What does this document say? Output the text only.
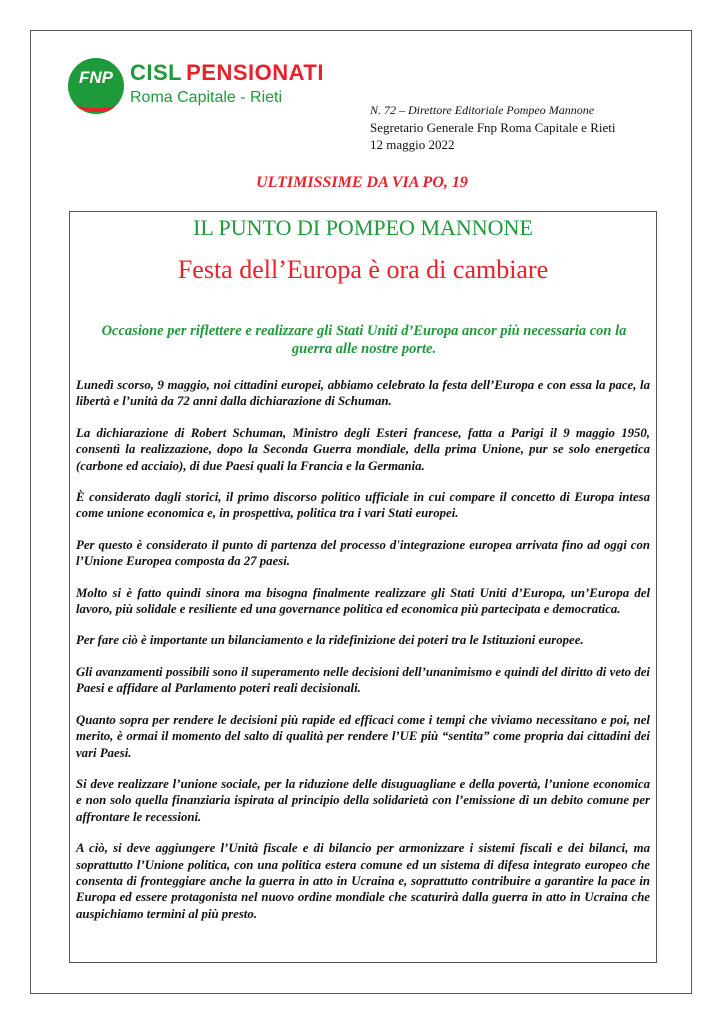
FNP CISL PENSIONATI
Roma Capitale - Rieti
N. 72 – Direttore Editoriale Pompeo Mannone
Segretario Generale Fnp Roma Capitale e Rieti
12 maggio 2022
ULTIMISSIME DA VIA PO, 19
IL PUNTO DI POMPEO MANNONE
Festa dell’Europa è ora di cambiare
Occasione per riflettere e realizzare gli Stati Uniti d’Europa ancor più necessaria con la guerra alle nostre porte.

Lunedì scorso, 9 maggio, noi cittadini europei, abbiamo celebrato la festa dell’Europa e con essa la pace, la libertà e l’unità da 72 anni dalla dichiarazione di Schuman.

La dichiarazione di Robert Schuman, Ministro degli Esteri francese, fatta a Parigi il 9 maggio 1950, consentì la realizzazione, dopo la Seconda Guerra mondiale, della prima Unione, pur se solo energetica (carbone ed acciaio), di due Paesi quali la Francia e la Germania.

È considerato dagli storici, il primo discorso politico ufficiale in cui compare il concetto di Europa intesa come unione economica e, in prospettiva, politica tra i vari Stati europei.

Per questo è considerato il punto di partenza del processo d'integrazione europea arrivata fino ad oggi con l’Unione Europea composta da 27 paesi.

Molto si è fatto quindi sinora ma bisogna finalmente realizzare gli Stati Uniti d’Europa, un’Europa del lavoro, più solidale e resiliente ed una governance politica ed economica più partecipata e democratica.

Per fare ciò è importante un bilanciamento e la ridefinizione dei poteri tra le Istituzioni europee.

Gli avanzamenti possibili sono il superamento nelle decisioni dell’unanimismo e quindi del diritto di veto dei Paesi e affidare al Parlamento poteri reali decisionali.

Quanto sopra per rendere le decisioni più rapide ed efficaci come i tempi che viviamo necessitano e poi, nel merito, è ormai il momento del salto di qualità per rendere l’UE più “sentita” come propria dai cittadini dei vari Paesi.

Si deve realizzare l’unione sociale, per la riduzione delle disuguagliane e della povertà, l’unione economica e non solo quella finanziaria ispirata al principio della solidarietà con l’emissione di un debito comune per affrontare le recessioni.

A ciò, si deve aggiungere l’Unità fiscale e di bilancio per armonizzare i sistemi fiscali e dei bilanci, ma soprattutto l’Unione politica, con una politica estera comune ed un sistema di difesa integrato europeo che consenta di fronteggiare anche la guerra in atto in Ucraina e, soprattutto contribuire a garantire la pace in Europa ed essere protagonista nel nuovo ordine mondiale che scaturirà dalla guerra in atto in Ucraina che auspichiamo termini al più presto.
